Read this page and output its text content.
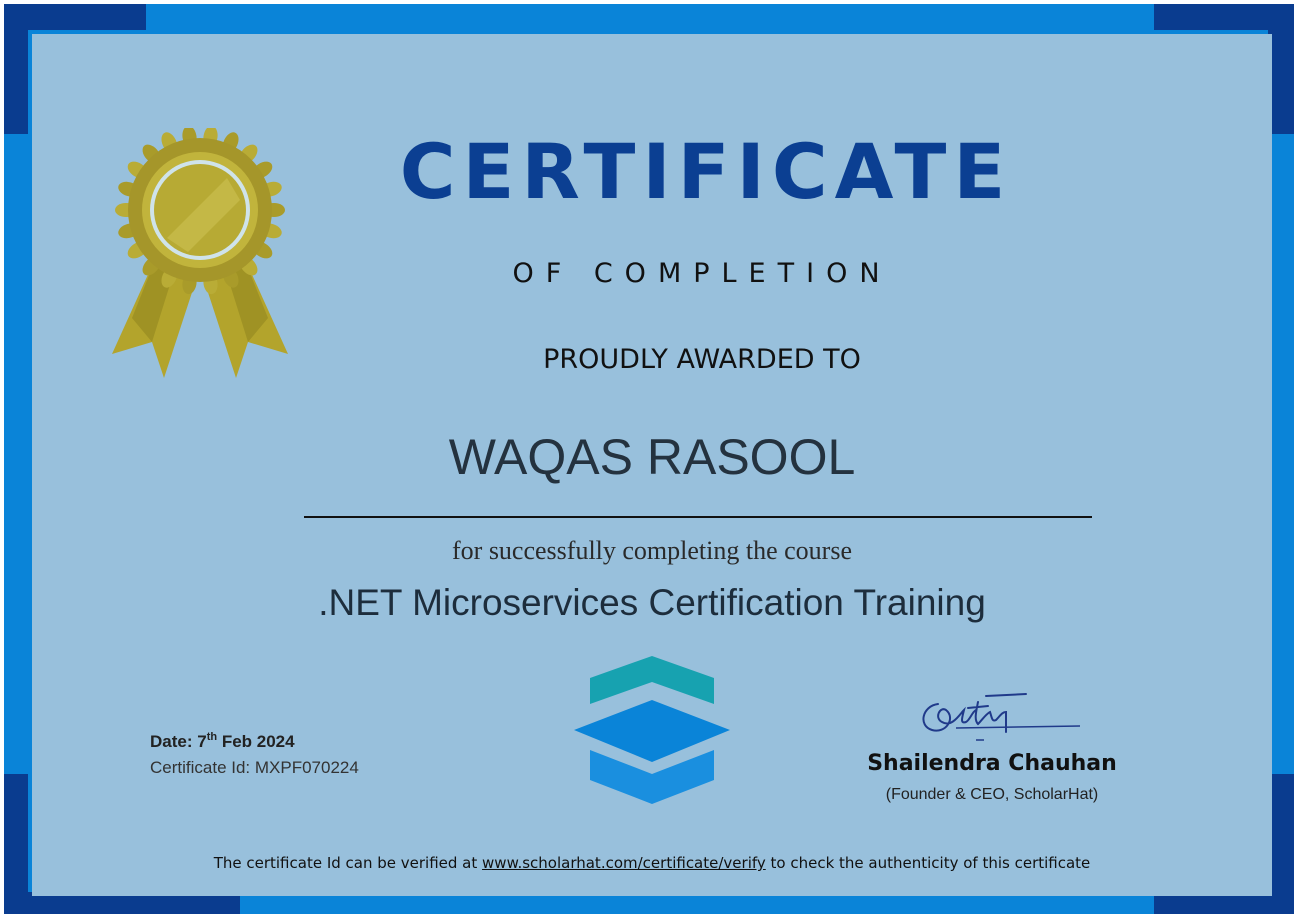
CERTIFICATE
OF COMPLETION
PROUDLY AWARDED TO
WAQAS RASOOL
for successfully completing the course
.NET Microservices Certification Training
Date: 7th Feb 2024
Certificate Id: MXPF070224	Shailendra Chauhan
(Founder & CEO, ScholarHat)
The certificate Id can be verified at www.scholarhat.com/certificate/verify to check the authenticity of this certificate
